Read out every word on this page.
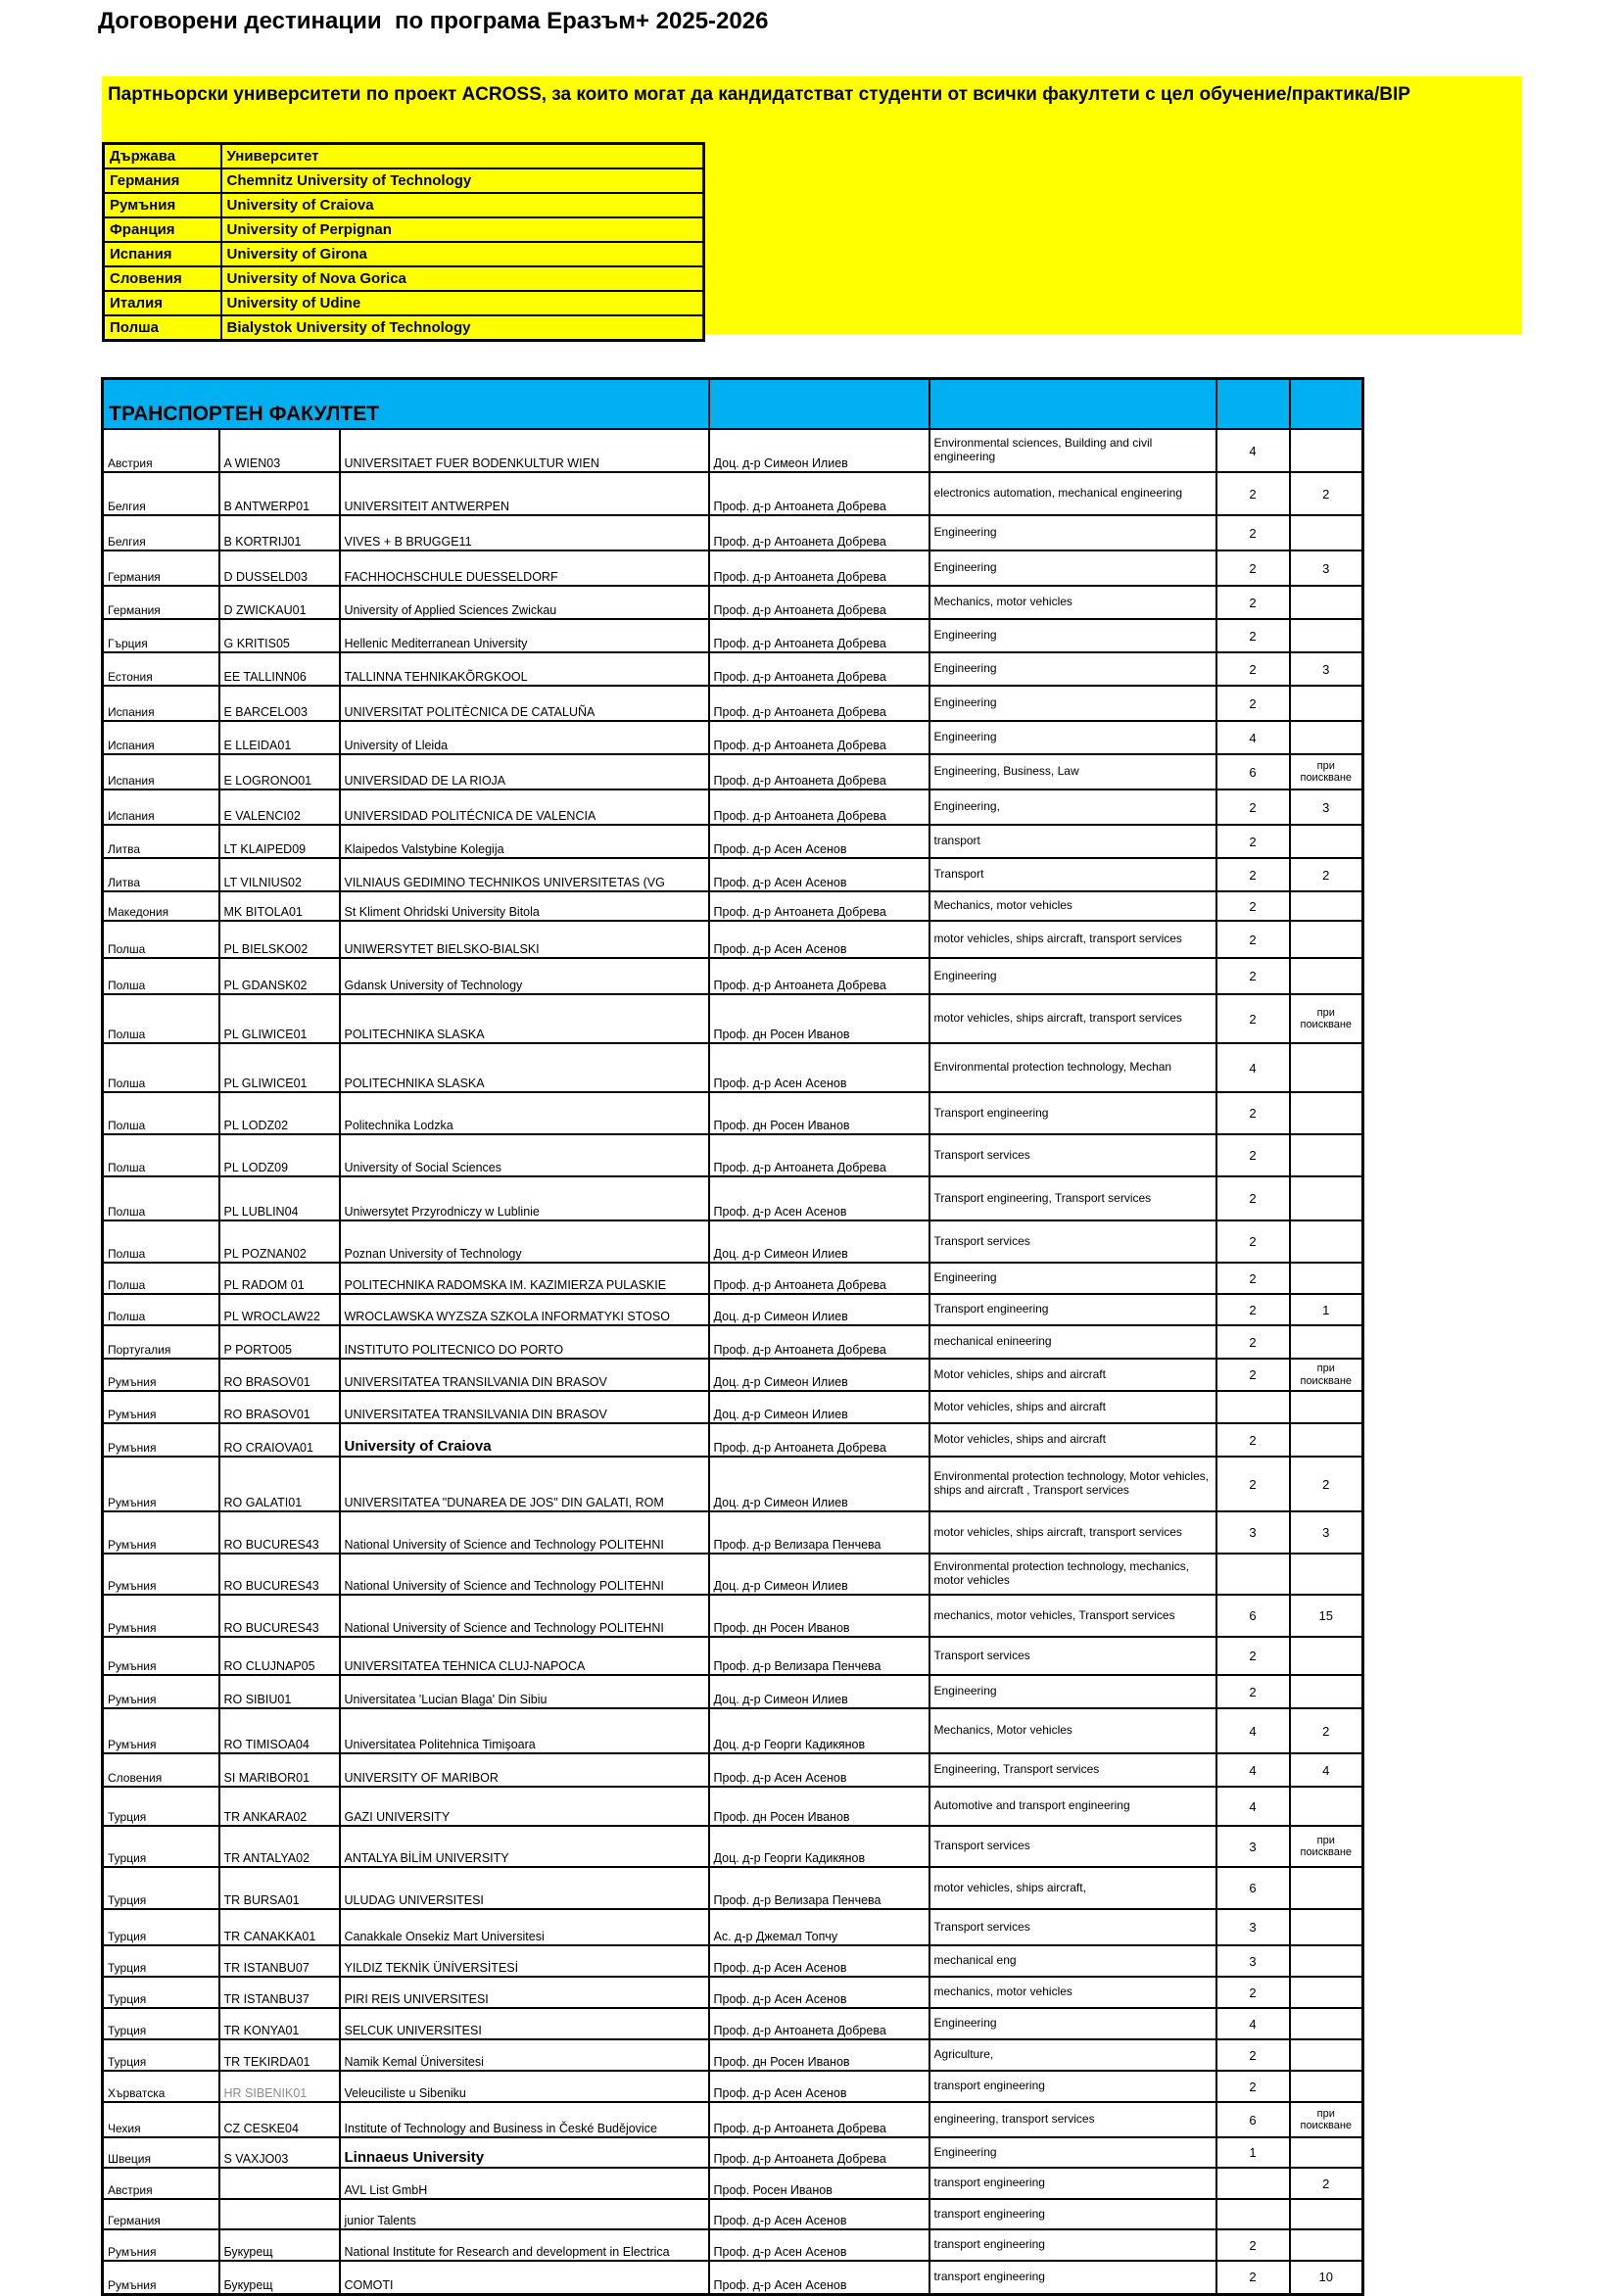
Договорени дестинации  по програма Еразъм+ 2025-2026
Партньорски университети по проект ACROSS, за които могат да кандидатстват студенти от всички факултети с цел обучение/практика/BIP
Държава	Университет
Германия	Chemnitz University of Technology
Румъния	University of Craiova
Франция	University of Perpignan
Испания	University of Girona
Словения	University of Nova Gorica
Италия	University of Udine
Полша	Bialystok University of Technology
ТРАНСПОРТЕН ФАКУЛТЕТ						
Австрия	A WIEN03	UNIVERSITAET FUER BODENKULTUR WIEN	Доц. д-р Симеон Илиев	Environmental sciences, Building and civil engineering	4	
Белгия	B ANTWERP01	UNIVERSITEIT ANTWERPEN	Проф. д-р Антоанета Добрева	electronics automation, mechanical engineering	2	2
Белгия	B KORTRIJ01	VIVES + B BRUGGE11	Проф. д-р Антоанета Добрева	Engineering	2	
Германия	D DUSSELD03	FACHHOCHSCHULE DUESSELDORF	Проф. д-р Антоанета Добрева	Engineering	2	3
Германия	D ZWICKAU01	University of Applied Sciences Zwickau	Проф. д-р Антоанета Добрева	Mechanics, motor vehicles	2	
Гърция	G KRITIS05	Hellenic Mediterranean University	Проф. д-р Антоанета Добрева	Engineering	2	
Естония	EE TALLINN06	TALLINNA TEHNIKAKÕRGKOOL	Проф. д-р Антоанета Добрева	Engineering	2	3
Испания	E BARCELO03	UNIVERSITAT POLITÈCNICA DE CATALUÑA	Проф. д-р Антоанета Добрева	Engineering	2	
Испания	E LLEIDA01	University of Lleida	Проф. д-р Антоанета Добрева	Engineering	4	
Испания	E LOGRONO01	UNIVERSIDAD DE LA RIOJA	Проф. д-р Антоанета Добрева	Engineering, Business, Law	6	при поискване
Испания	E VALENCI02	UNIVERSIDAD POLITÉCNICA DE VALENCIA	Проф. д-р Антоанета Добрева	Engineering,	2	3
Литва	LT KLAIPED09	Klaipedos Valstybine Kolegija	Проф. д-р Асен Асенов	transport	2	
Литва	LT VILNIUS02	VILNIAUS GEDIMINO TECHNIKOS UNIVERSITETAS (VG	Проф. д-р Асен Асенов	Transport	2	2
Македония	MK BITOLA01	St Kliment Ohridski University Bitola	Проф. д-р Антоанета Добрева	Mechanics, motor vehicles	2	
Полша	PL BIELSKO02	UNIWERSYTET BIELSKO-BIALSKI	Проф. д-р Асен Асенов	motor vehicles, ships aircraft, transport services	2	
Полша	PL GDANSK02	Gdansk University of Technology	Проф. д-р Антоанета Добрева	Engineering	2	
Полша	PL GLIWICE01	POLITECHNIKA SLASKA	Проф. дн Росен Иванов	motor vehicles, ships aircraft, transport services	2	при поискване
Полша	PL GLIWICE01	POLITECHNIKA SLASKA	Проф. д-р Асен Асенов	Environmental protection technology, Mechan	4	
Полша	PL LODZ02	Politechnika Lodzka	Проф. дн Росен Иванов	Transport engineering	2	
Полша	PL LODZ09	University of Social Sciences	Проф. д-р Антоанета Добрева	Transport services	2	
Полша	PL LUBLIN04	Uniwersytet Przyrodniczy w Lublinie	Проф. д-р Асен Асенов	Transport engineering, Transport services	2	
Полша	PL POZNAN02	Poznan University of Technology	Доц. д-р Симеон Илиев	Transport services	2	
Полша	PL RADOM 01	POLITECHNIKA RADOMSKA IM. KAZIMIERZA PULASKIE	Проф. д-р Антоанета Добрева	Engineering	2	
Полша	PL WROCLAW22	WROCLAWSKA WYZSZA SZKOLA INFORMATYKI STOSO	Доц. д-р Симеон Илиев	Transport engineering	2	1
Португалия	P PORTO05	INSTITUTO POLITECNICO DO PORTO	Проф. д-р Антоанета Добрева	mechanical enineering	2	
Румъния	RO BRASOV01	UNIVERSITATEA TRANSILVANIA DIN BRASOV	Доц. д-р Симеон Илиев	Motor vehicles, ships and aircraft	2	при поискване
Румъния	RO BRASOV01	UNIVERSITATEA TRANSILVANIA DIN BRASOV	Доц. д-р Симеон Илиев	Motor vehicles, ships and aircraft		
Румъния	RO CRAIOVA01	University of Craiova	Проф. д-р Антоанета Добрева	Motor vehicles, ships and aircraft	2	
Румъния	RO GALATI01	UNIVERSITATEA "DUNAREA DE JOS" DIN GALATI, ROM	Доц. д-р Симеон Илиев	Environmental protection technology, Motor vehicles, ships and aircraft , Transport services	2	2
Румъния	RO BUCURES43	National University of Science and Technology POLITEHNI	Проф. д-р Велизара Пенчева	motor vehicles, ships aircraft, transport services	3	3
Румъния	RO BUCURES43	National University of Science and Technology POLITEHNI	Доц. д-р Симеон Илиев	Environmental protection technology, mechanics, motor vehicles		
Румъния	RO BUCURES43	National University of Science and Technology POLITEHNI	Проф. дн Росен Иванов	mechanics, motor vehicles, Transport services	6	15
Румъния	RO CLUJNAP05	UNIVERSITATEA TEHNICA CLUJ-NAPOCA	Проф. д-р Велизара Пенчева	Transport services	2	
Румъния	RO SIBIU01	Universitatea 'Lucian Blaga' Din Sibiu	Доц. д-р Симеон Илиев	Engineering	2	
Румъния	RO TIMISOA04	Universitatea Politehnica Timişoara	Доц. д-р Георги Кадикянов	Mechanics, Motor vehicles	4	2
Словения	SI MARIBOR01	UNIVERSITY OF MARIBOR	Проф. д-р Асен Асенов	Engineering, Transport services	4	4
Турция	TR ANKARA02	GAZI UNIVERSITY	Проф. дн Росен Иванов	Automotive and transport engineering	4	
Турция	TR ANTALYA02	ANTALYA BİLİM UNIVERSITY	Доц. д-р Георги Кадикянов	Transport services	3	при поискване
Турция	TR BURSA01	ULUDAG UNIVERSITESI	Проф. д-р Велизара Пенчева	motor vehicles, ships aircraft,	6	
Турция	TR CANAKKA01	Canakkale Onsekiz Mart Universitesi	Ас. д-р Джемал Топчу	Transport services	3	
Турция	TR ISTANBU07	YILDIZ TEKNİK ÜNİVERSİTESİ	Проф. д-р Асен Асенов	mechanical eng	3	
Турция	TR ISTANBU37	PIRI REIS UNIVERSITESI	Проф. д-р Асен Асенов	mechanics, motor vehicles	2	
Турция	TR KONYA01	SELCUK UNIVERSITESI	Проф. д-р Антоанета Добрева	Engineering	4	
Турция	TR TEKIRDA01	Namik Kemal Üniversitesi	Проф. дн Росен Иванов	Agriculture,	2	
Хърватска	HR SIBENIK01	Veleuciliste u Sibeniku	Проф. д-р Асен Асенов	transport engineering	2	
Чехия	CZ CESKE04	Institute of Technology and Business in České Budějovice	Проф. д-р Антоанета Добрева	engineering, transport services	6	при поискване
Швеция	S VAXJO03	Linnaeus University	Проф. д-р Антоанета Добрева	Engineering	1	
Австрия		AVL List GmbH	Проф. Росен Иванов	transport engineering		2
Германия		junior Talents	Проф. д-р Асен Асенов	transport engineering		
Румъния	Букурещ	National Institute for Research and development in Electrica	Проф. д-р Асен Асенов	transport engineering	2	
Румъния	Букурещ	COMOTI	Проф. д-р Асен Асенов	transport engineering	2	10
